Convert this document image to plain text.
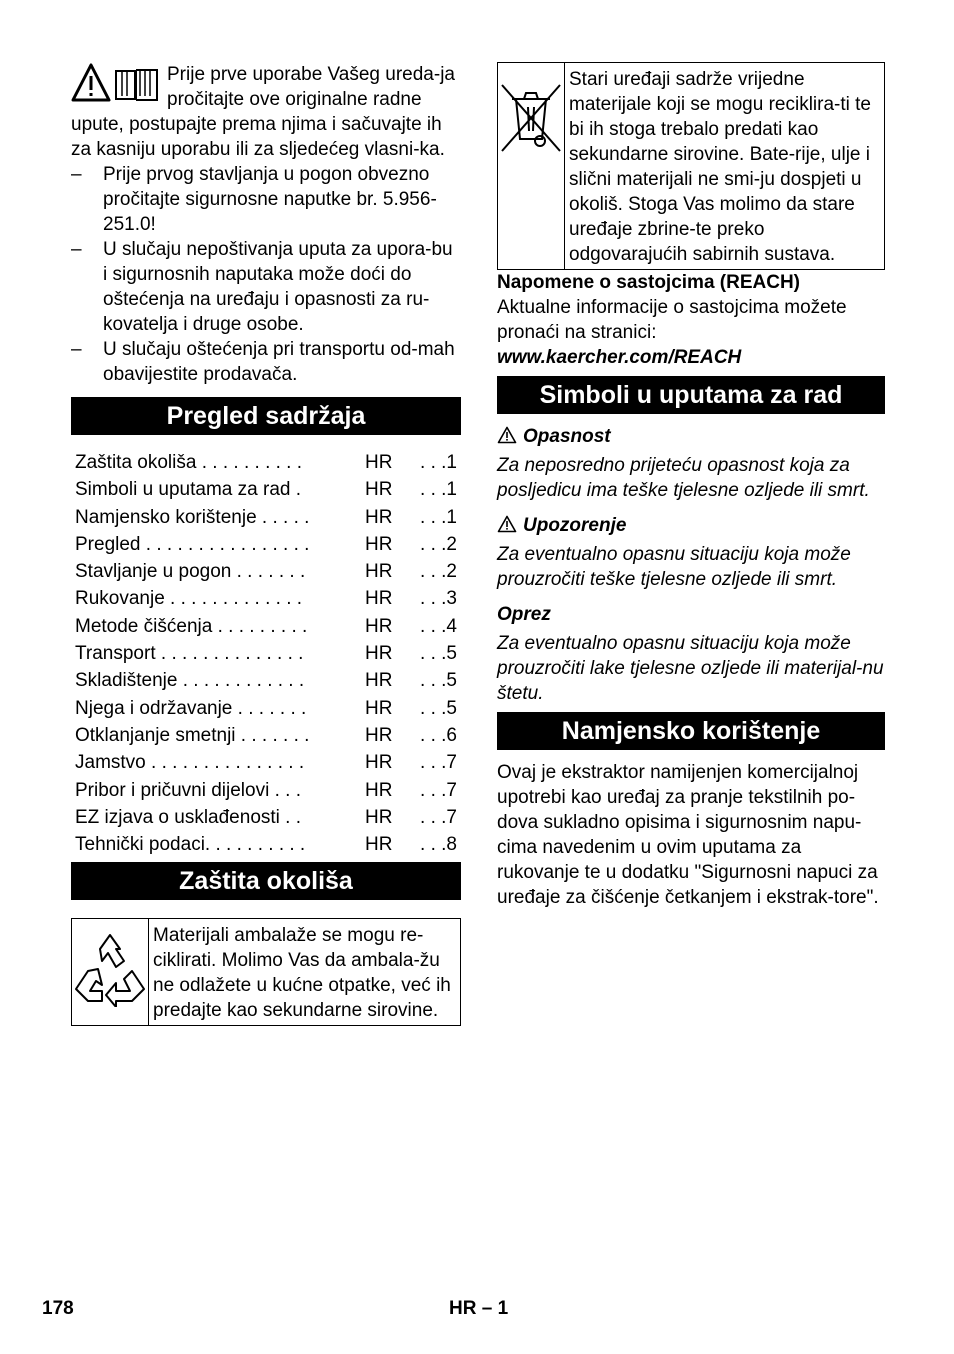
Prije prve uporabe Vašeg ureda-ja pročitajte ove originalne radne upute, postupajte prema njima i sačuvajte ih za kasniju uporabu ili za sljedećeg vlasni-ka.

– Prije prvog stavljanja u pogon obvezno pročitajte sigurnosne naputke br. 5.956-251.0!
– U slučaju nepoštivanja uputa za upora-bu i sigurnosnih naputaka može doći do oštećenja na uređaju i opasnosti za ru-kovatelja i druge osobe.
– U slučaju oštećenja pri transportu od-mah obavijestite prodavača.
Pregled sadržaja
Zaštita okoliša . . . . . . . . . .	HR	. . .1
Simboli u uputama za rad .	HR	. . .1
Namjensko korištenje . . . . .	HR	. . .1
Pregled . . . . . . . . . . . . . . . .	HR	. . .2
Stavljanje u pogon . . . . . . .	HR	. . .2
Rukovanje . . . . . . . . . . . . .	HR	. . .3
Metode čišćenja . . . . . . . . .	HR	. . .4
Transport . . . . . . . . . . . . . .	HR	. . .5
Skladištenje . . . . . . . . . . . .	HR	. . .5
Njega i održavanje . . . . . . .	HR	. . .5
Otklanjanje smetnji . . . . . . .	HR	. . .6
Jamstvo . . . . . . . . . . . . . . .	HR	. . .7
Pribor i pričuvni dijelovi . . .	HR	. . .7
EZ izjava o usklađenosti . .	HR	. . .7
Tehnički podaci. . . . . . . . . .	HR	. . .8
Zaštita okoliša
Materijali ambalaže se mogu re-ciklirati. Molimo Vas da ambala-žu ne odlažete u kućne otpatke, već ih predajte kao sekundarne sirovine.
Stari uređaji sadrže vrijedne materijale koji se mogu reciklira-ti te bi ih stoga trebalo predati kao sekundarne sirovine. Bate-rije, ulje i slični materijali ne smi-ju dospjeti u okoliš. Stoga Vas molimo da stare uređaje zbrine-te preko odgovarajućih sabirnih sustava.

Napomene o sastojcima (REACH)

Aktualne informacije o sastojcima možete pronaći na stranici:

www.kaercher.com/REACH

Simboli u uputama za rad

Opasnost

Za neposredno prijeteću opasnost koja za posljedicu ima teške tjelesne ozljede ili smrt.

Upozorenje

Za eventualno opasnu situaciju koja može prouzročiti teške tjelesne ozljede ili smrt.

Oprez

Za eventualno opasnu situaciju koja može prouzročiti lake tjelesne ozljede ili materijal-nu štetu.

Namjensko korištenje

Ovaj je ekstraktor namijenjen komercijalnoj upotrebi kao uređaj za pranje tekstilnih po-dova sukladno opisima i sigurnosnim napu-cima navedenim u ovim uputama za rukovanje te u dodatku "Sigurnosni napuci za uređaje za čišćenje četkanjem i ekstrak-tore".

178	HR – 1
